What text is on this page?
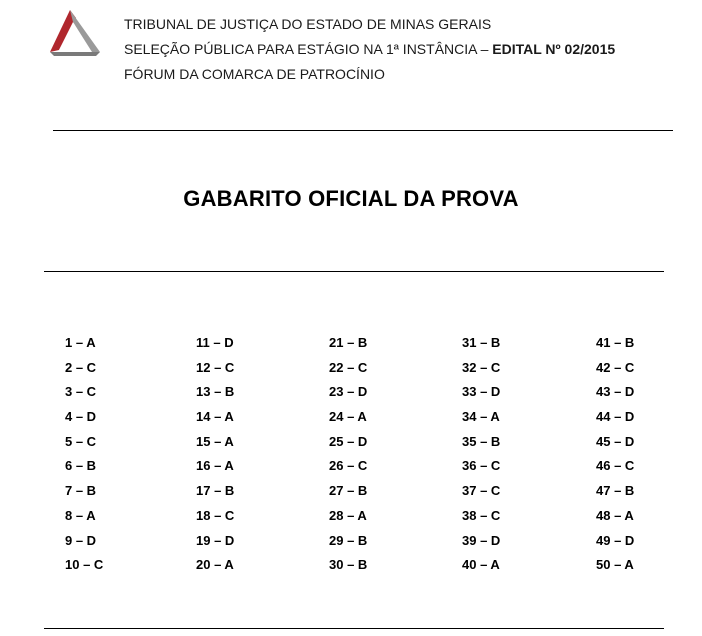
TRIBUNAL DE JUSTIÇA DO ESTADO DE MINAS GERAIS
SELEÇÃO PÚBLICA PARA ESTÁGIO NA 1ª INSTÂNCIA – EDITAL Nº 02/2015
FÓRUM DA COMARCA DE PATROCÍNIO
GABARITO OFICIAL DA PROVA
1 – A
2 – C
3 – C
4 – D
5 – C
6 – B
7 – B
8 – A
9 – D
10 – C
11 – D
12 – C
13 – B
14 – A
15 – A
16 – A
17 – B
18 – C
19 – D
20 – A
21 – B
22 – C
23 – D
24 – A
25 – D
26 – C
27 – B
28 – A
29 – B
30 – B
31 – B
32 – C
33 – D
34 – A
35 – B
36 – C
37 – C
38 – C
39 – D
40 – A
41 – B
42 – C
43 – D
44 – D
45 – D
46 – C
47 – B
48 – A
49 – D
50 – A
